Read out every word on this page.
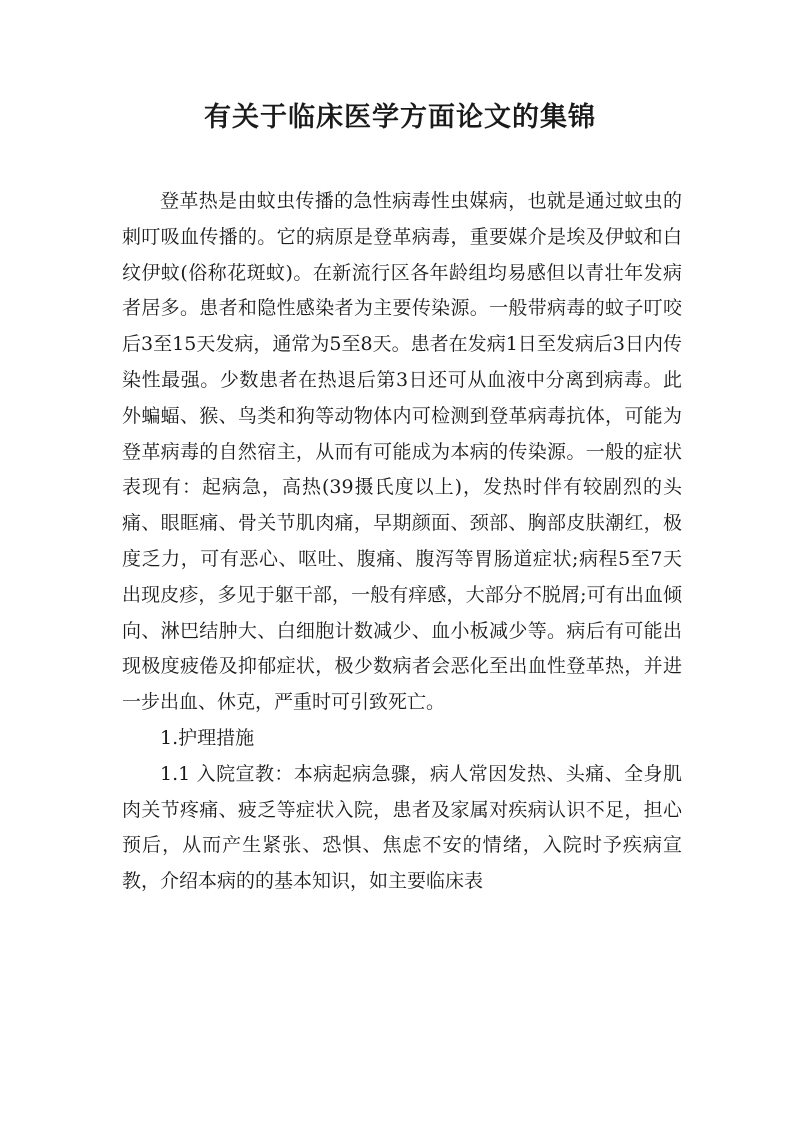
有关于临床医学方面论文的集锦

登革热是由蚊虫传播的急性病毒性虫媒病，也就是通过蚊虫的刺叮吸血传播的。它的病原是登革病毒，重要媒介是埃及伊蚊和白纹伊蚊(俗称花斑蚊)。在新流行区各年龄组均易感但以青壮年发病者居多。患者和隐性感染者为主要传染源。一般带病毒的蚊子叮咬后3至15天发病，通常为5至8天。患者在发病1日至发病后3日内传染性最强。少数患者在热退后第3日还可从血液中分离到病毒。此外蝙蝠、猴、鸟类和狗等动物体内可检测到登革病毒抗体，可能为登革病毒的自然宿主，从而有可能成为本病的传染源。一般的症状表现有：起病急，高热(39摄氏度以上)，发热时伴有较剧烈的头痛、眼眶痛、骨关节肌肉痛，早期颜面、颈部、胸部皮肤潮红，极度乏力，可有恶心、呕吐、腹痛、腹泻等胃肠道症状;病程5至7天出现皮疹，多见于躯干部，一般有痒感，大部分不脱屑;可有出血倾向、淋巴结肿大、白细胞计数减少、血小板减少等。病后有可能出现极度疲倦及抑郁症状，极少数病者会恶化至出血性登革热，并进一步出血、休克，严重时可引致死亡。

1.护理措施

1.1 入院宣教：本病起病急骤，病人常因发热、头痛、全身肌肉关节疼痛、疲乏等症状入院，患者及家属对疾病认识不足，担心预后，从而产生紧张、恐惧、焦虑不安的情绪，入院时予疾病宣教，介绍本病的的基本知识，如主要临床表
